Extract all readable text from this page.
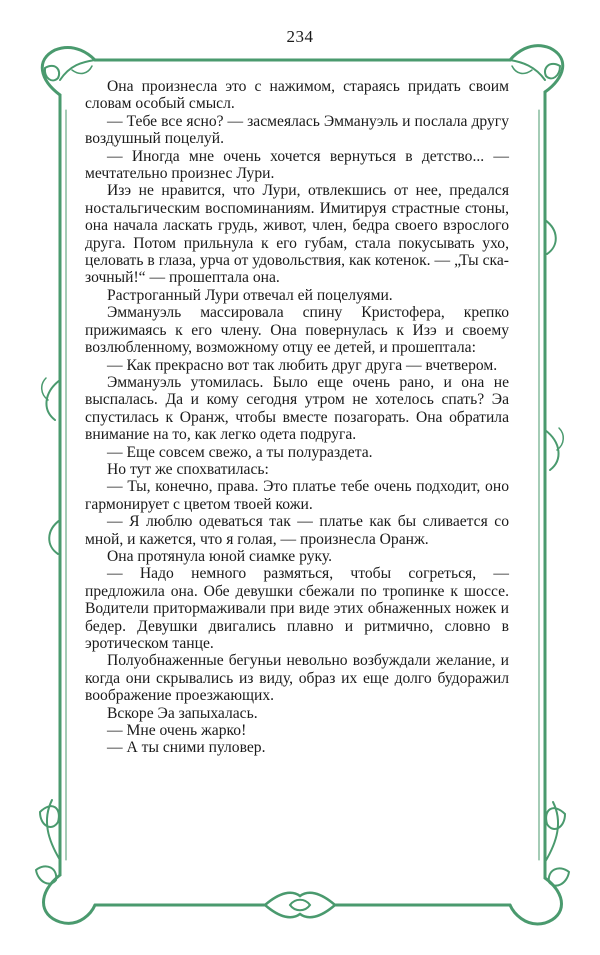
234

Она произнесла это с нажимом, стараясь придать своим словам особый смысл.

— Тебе все ясно? — засмеялась Эммануэль и послала другу воздушный поцелуй.

— Иногда мне очень хочется вернуться в детство... — мечтательно произнес Лури.

Изэ не нравится, что Лури, отвлекшись от нее, предался ностальгическим воспоминаниям. Имитируя страстные стоны, она начала ласкать грудь, живот, член, бедра своего взрослого друга. Потом прильнула к его губам, стала покусывать ухо, целовать в глаза, урча от удовольствия, как котенок. — „Ты ска-зочный!“ — прошептала она.

Растроганный Лури отвечал ей поцелуями.

Эммануэль массировала спину Кристофера, крепко прижимаясь к его члену. Она повернулась к Изэ и своему возлюбленному, возможному отцу ее детей, и прошептала:

— Как прекрасно вот так любить друг друга — вчетвером.

Эммануэль утомилась. Было еще очень рано, и она не выспалась. Да и кому сегодня утром не хотелось спать? Эа спустилась к Оранж, чтобы вместе позагорать. Она обратила внимание на то, как легко одета подруга.

— Еще совсем свежо, а ты полураздета.

Но тут же спохватилась:

— Ты, конечно, права. Это платье тебе очень подходит, оно гармонирует с цветом твоей кожи.

— Я люблю одеваться так — платье как бы сливается со мной, и кажется, что я голая, — произнесла Оранж.

Она протянула юной сиамке руку.

— Надо немного размяться, чтобы согреться, — предложила она. Обе девушки сбежали по тропинке к шоссе. Водители притормаживали при виде этих обнаженных ножек и бедер. Девушки двигались плавно и ритмично, словно в эротическом танце.

Полуобнаженные бегуньи невольно возбуждали желание, и когда они скрывались из виду, образ их еще долго будоражил воображение проезжающих.

Вскоре Эа запыхалась.

— Мне очень жарко!

— А ты сними пуловер.
